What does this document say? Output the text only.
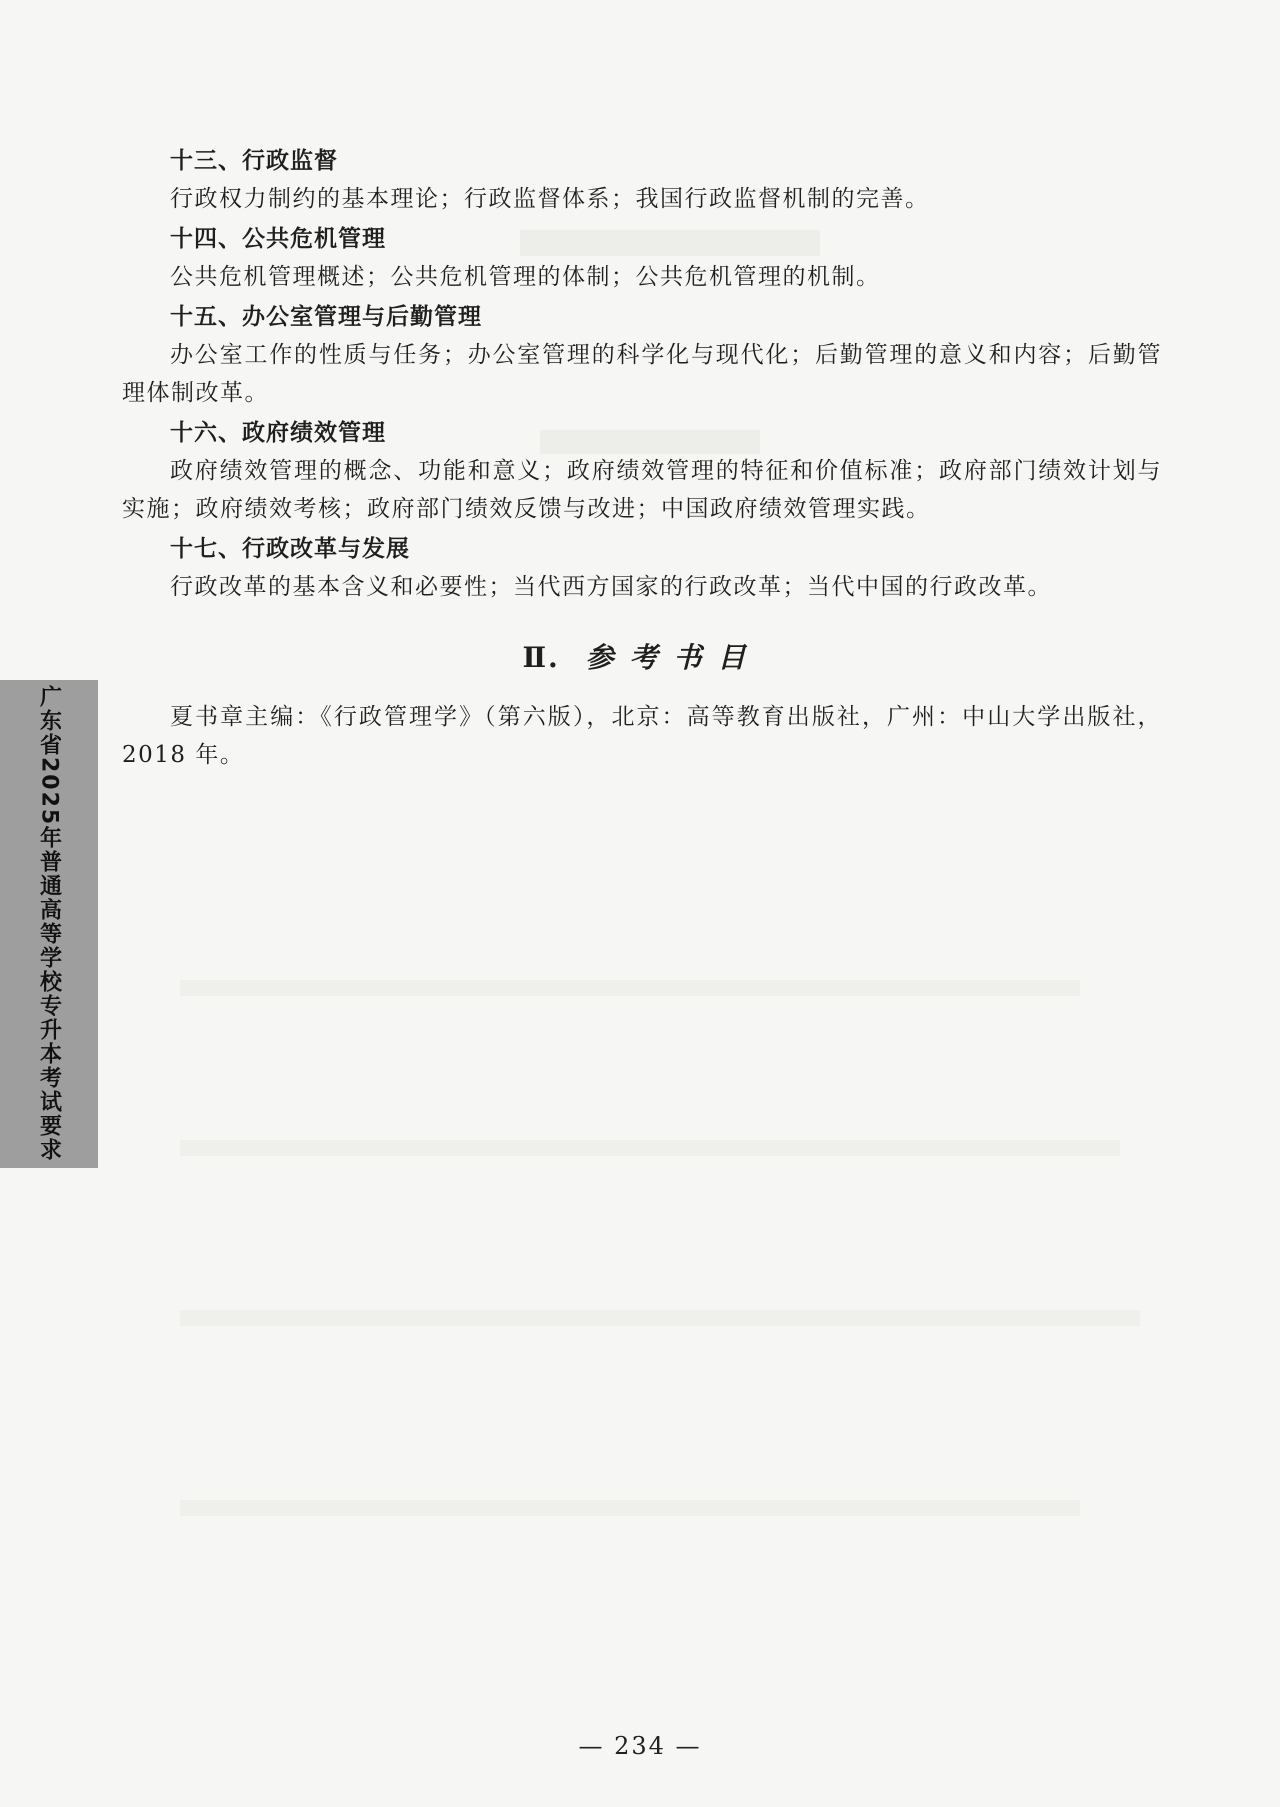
十三、行政监督

行政权力制约的基本理论；行政监督体系；我国行政监督机制的完善。

十四、公共危机管理

公共危机管理概述；公共危机管理的体制；公共危机管理的机制。

十五、办公室管理与后勤管理

办公室工作的性质与任务；办公室管理的科学化与现代化；后勤管理的意义和内容；后勤管理体制改革。

十六、政府绩效管理

政府绩效管理的概念、功能和意义；政府绩效管理的特征和价值标准；政府部门绩效计划与实施；政府绩效考核；政府部门绩效反馈与改进；中国政府绩效管理实践。

十七、行政改革与发展

行政改革的基本含义和必要性；当代西方国家的行政改革；当代中国的行政改革。

Ⅱ. 参考书目

夏书章主编：《行政管理学》（第六版），北京：高等教育出版社，广州：中山大学出版社，2018 年。

广东省2025年普通高等学校专升本考试要求
— 234 —
